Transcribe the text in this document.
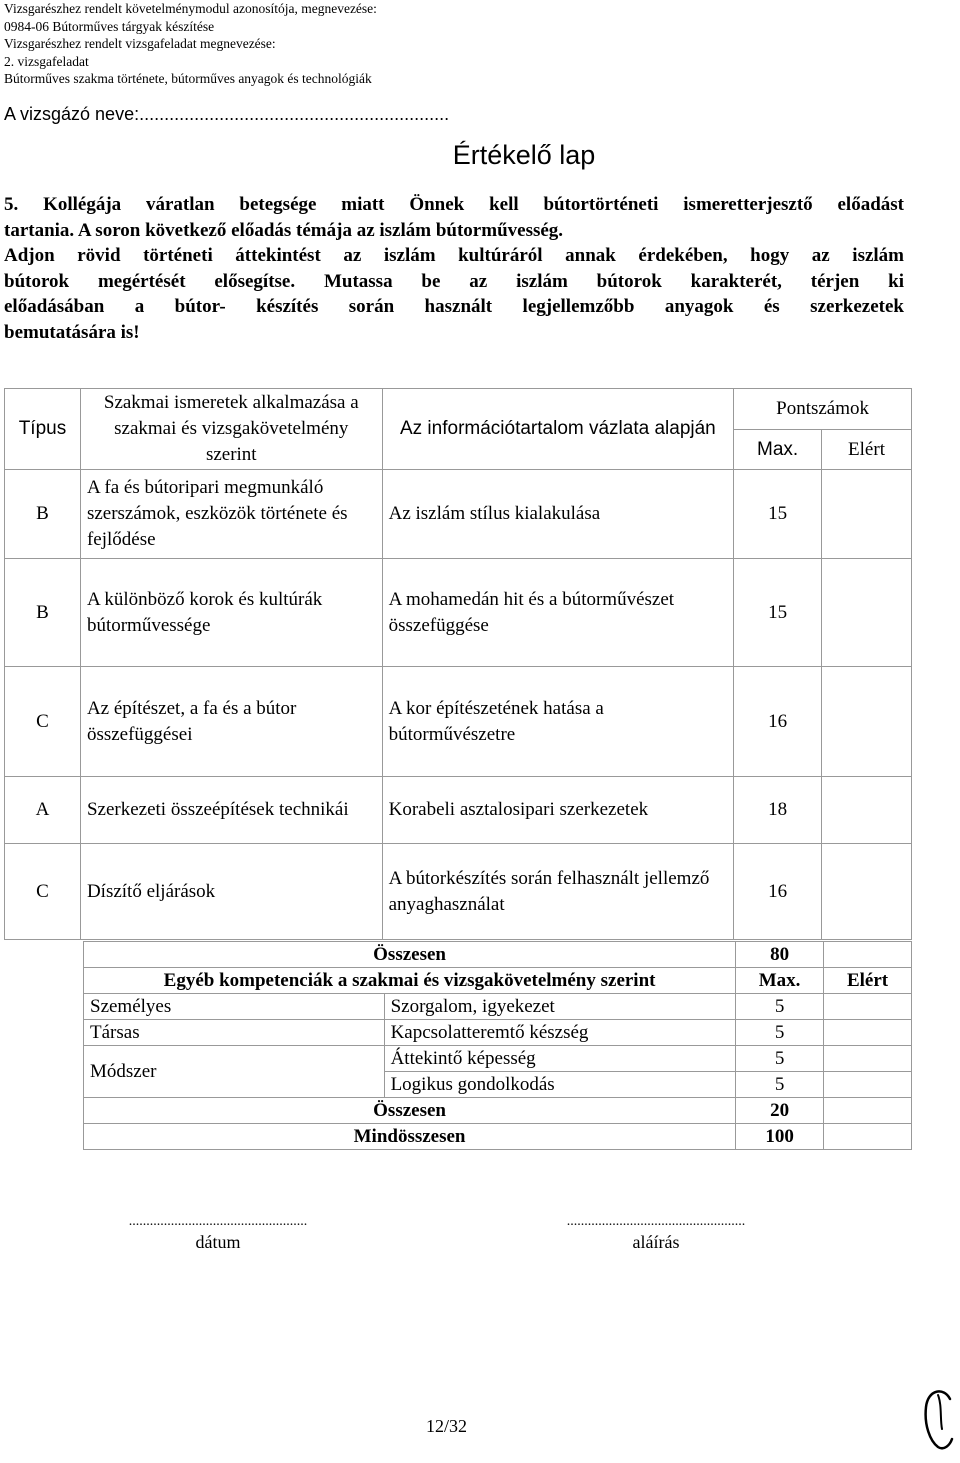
Vizsgarészhez rendelt követelménymodul azonosítója, megnevezése:
0984-06 Bútorműves tárgyak készítése
Vizsgarészhez rendelt vizsgafeladat megnevezése:
2. vizsgafeladat
Bútorműves szakma története, bútorműves anyagok és technológiák
A vizsgázó neve:..............................................................
Értékelő lap
5. Kollégája váratlan betegsége miatt Önnek kell bútortörténeti ismeretterjesztő előadást
tartania. A soron következő előadás témája az iszlám bútorművesség.
Adjon rövid történeti áttekintést az iszlám kultúráról annak érdekében, hogy az iszlám
bútorok megértését elősegítse. Mutassa be az iszlám bútorok karakterét, térjen ki
előadásában a bútor- készítés során használt legjellemzőbb anyagok és szerkezetek
bemutatására is!
Típus	Szakmai ismeretek alkalmazása a szakmai és vizsgakövetelmény szerint	Az információtartalom vázlata alapján	Pontszámok	
			Max.	Elért
B	A fa és bútoripari megmunkáló szerszámok, eszközök története és fejlődése	Az iszlám stílus kialakulása	15	
B	A különböző korok és kultúrák bútorművessége	A mohamedán hit és a bútorművészet összefüggése	15	
C	Az építészet, a fa és a bútor összefüggései	A kor építészetének hatása a bútorművészetre	16	
A	Szerkezeti összeépítések technikái	Korabeli asztalosipari szerkezetek	18	
C	Díszítő eljárások	A bútorkészítés során felhasznált jellemző anyaghasználat	16	
Összesen		80	
Egyéb kompetenciák a szakmai és vizsgakövetelmény szerint		Max.	Elért
Személyes	Szorgalom, igyekezet	5	
Társas	Kapcsolatteremtő készség	5	
Módszer	Áttekintő képesség	5	
	Logikus gondolkodás	5	
Összesen		20	
Mindösszesen		100	
...................................................
dátum
...................................................
aláírás
12/32
